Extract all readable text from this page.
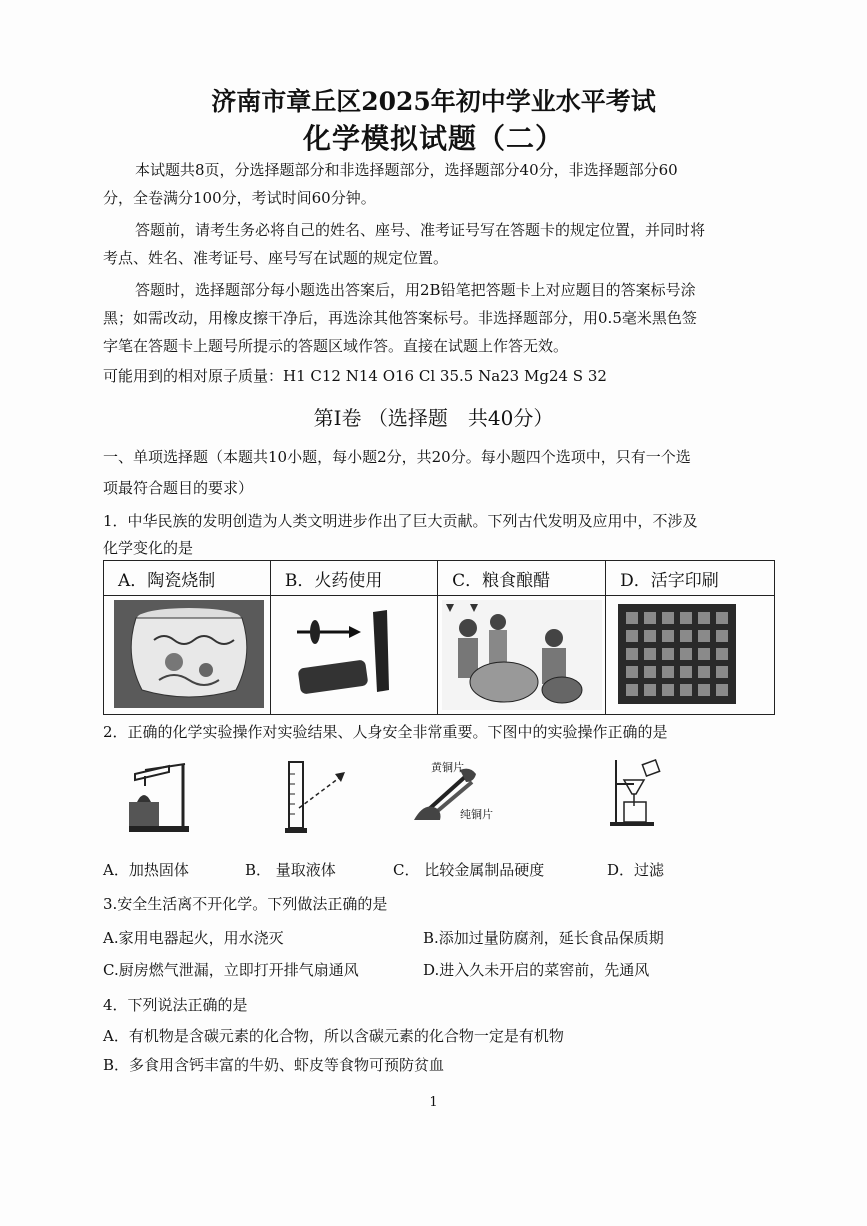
济南市章丘区2025年初中学业水平考试
化学模拟试题（二）
本试题共8页，分选择题部分和非选择题部分，选择题部分40分，非选择题部分60
分，全卷满分100分，考试时间60分钟。
答题前，请考生务必将自己的姓名、座号、准考证号写在答题卡的规定位置，并同时将
考点、姓名、准考证号、座号写在试题的规定位置。
答题时，选择题部分每小题选出答案后，用2B铅笔把答题卡上对应题目的答案标号涂
黑；如需改动，用橡皮擦干净后，再选涂其他答案标号。非选择题部分，用0.5毫米黑色签
字笔在答题卡上题号所提示的答题区域作答。直接在试题上作答无效。
可能用到的相对原子质量：H1 C12 N14 O16 Cl 35.5 Na23 Mg24 S 32
第Ⅰ卷 （选择题　共40分）
一、单项选择题（本题共10小题，每小题2分，共20分。每小题四个选项中，只有一个选
项最符合题目的要求）
1．中华民族的发明创造为人类文明进步作出了巨大贡献。下列古代发明及应用中，不涉及
化学变化的是
A．陶瓷烧制	B．火药使用	C．粮食酿醋	D．活字印刷

2．正确的化学实验操作对实验结果、人身安全非常重要。下图中的实验操作正确的是
黄铜片
纯铜片
A．加热固体	B． 量取液体	C． 比较金属制品硬度	D．过滤
3.安全生活离不开化学。下列做法正确的是
A.家用电器起火，用水浇灭	B.添加过量防腐剂，延长食品保质期
C.厨房燃气泄漏，立即打开排气扇通风	D.进入久未开启的菜窖前，先通风
4．下列说法正确的是
A．有机物是含碳元素的化合物，所以含碳元素的化合物一定是有机物
B．多食用含钙丰富的牛奶、虾皮等食物可预防贫血
1
